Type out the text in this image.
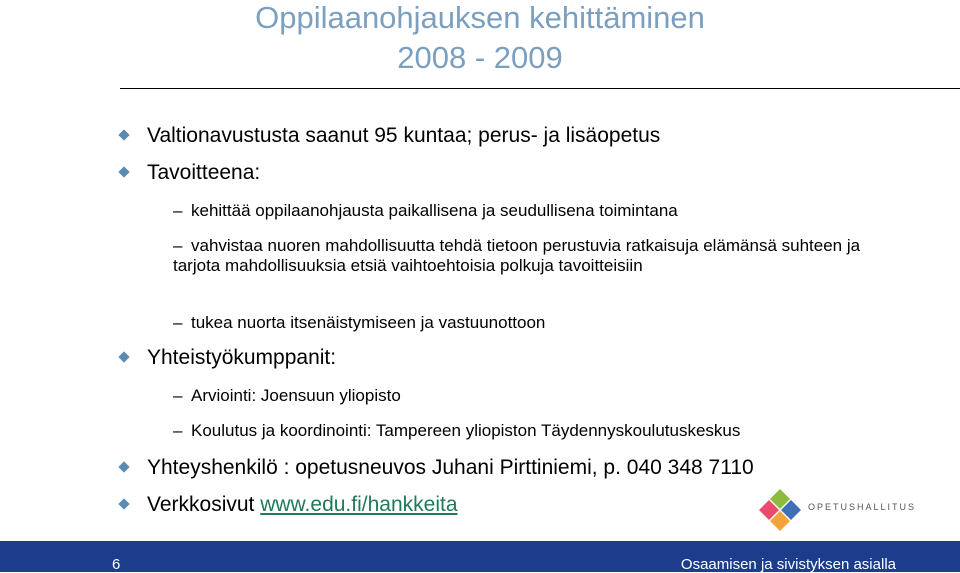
Oppilaanohjauksen kehittäminen
2008 - 2009
Valtionavustusta saanut 95 kuntaa; perus- ja lisäopetus
Tavoitteena:
– kehittää oppilaanohjausta paikallisena ja seudullisena toimintana
– vahvistaa nuoren mahdollisuutta tehdä tietoon perustuvia ratkaisuja elämänsä suhteen ja tarjota mahdollisuuksia etsiä vaihtoehtoisia polkuja tavoitteisiin
– tukea nuorta itsenäistymiseen ja vastuunottoon
Yhteistyökumppanit:
– Arviointi: Joensuun yliopisto
– Koulutus ja koordinointi: Tampereen yliopiston Täydennyskoulutuskeskus
Yhteyshenkilö : opetusneuvos Juhani Pirttiniemi, p. 040 348 7110
Verkkosivut www.edu.fi/hankkeita	OPETUSHALLITUS
6	Osaamisen ja sivistyksen asialla
